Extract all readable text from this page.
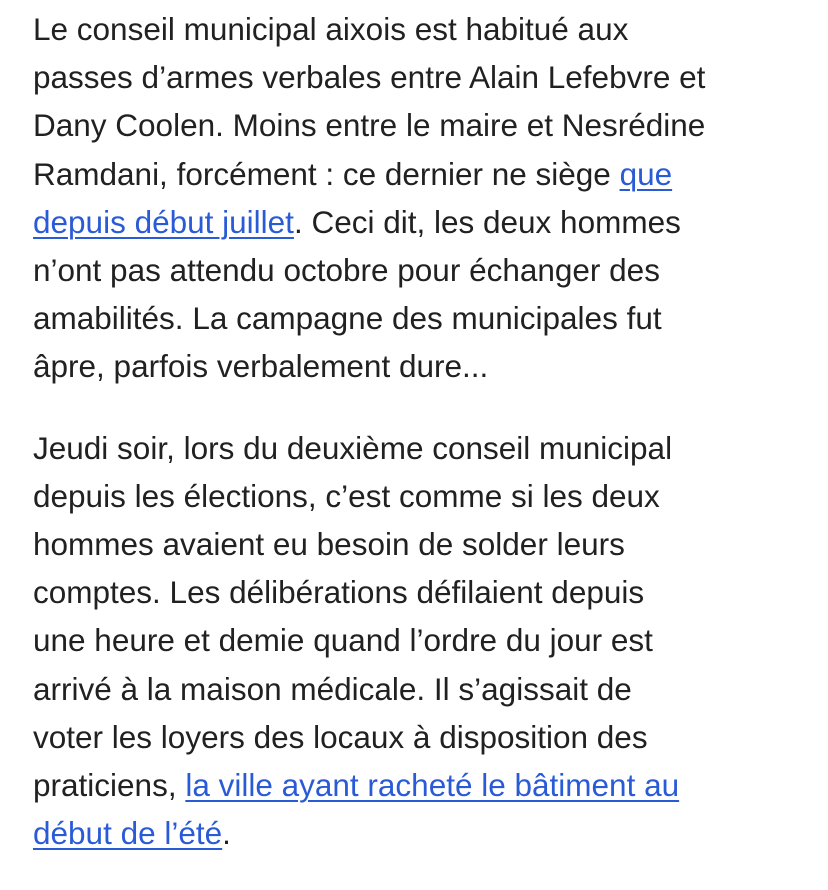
Le conseil municipal aixois est habitué aux
passes d’armes verbales entre Alain Lefebvre et
Dany Coolen. Moins entre le maire et Nesrédine
Ramdani, forcément : ce dernier ne siège que
depuis début juillet. Ceci dit, les deux hommes
n’ont pas attendu octobre pour échanger des
amabilités. La campagne des municipales fut
âpre, parfois verbalement dure...

Jeudi soir, lors du deuxième conseil municipal
depuis les élections, c’est comme si les deux
hommes avaient eu besoin de solder leurs
comptes. Les délibérations défilaient depuis
une heure et demie quand l’ordre du jour est
arrivé à la maison médicale. Il s’agissait de
voter les loyers des locaux à disposition des
praticiens, la ville ayant racheté le bâtiment au
début de l’été.
